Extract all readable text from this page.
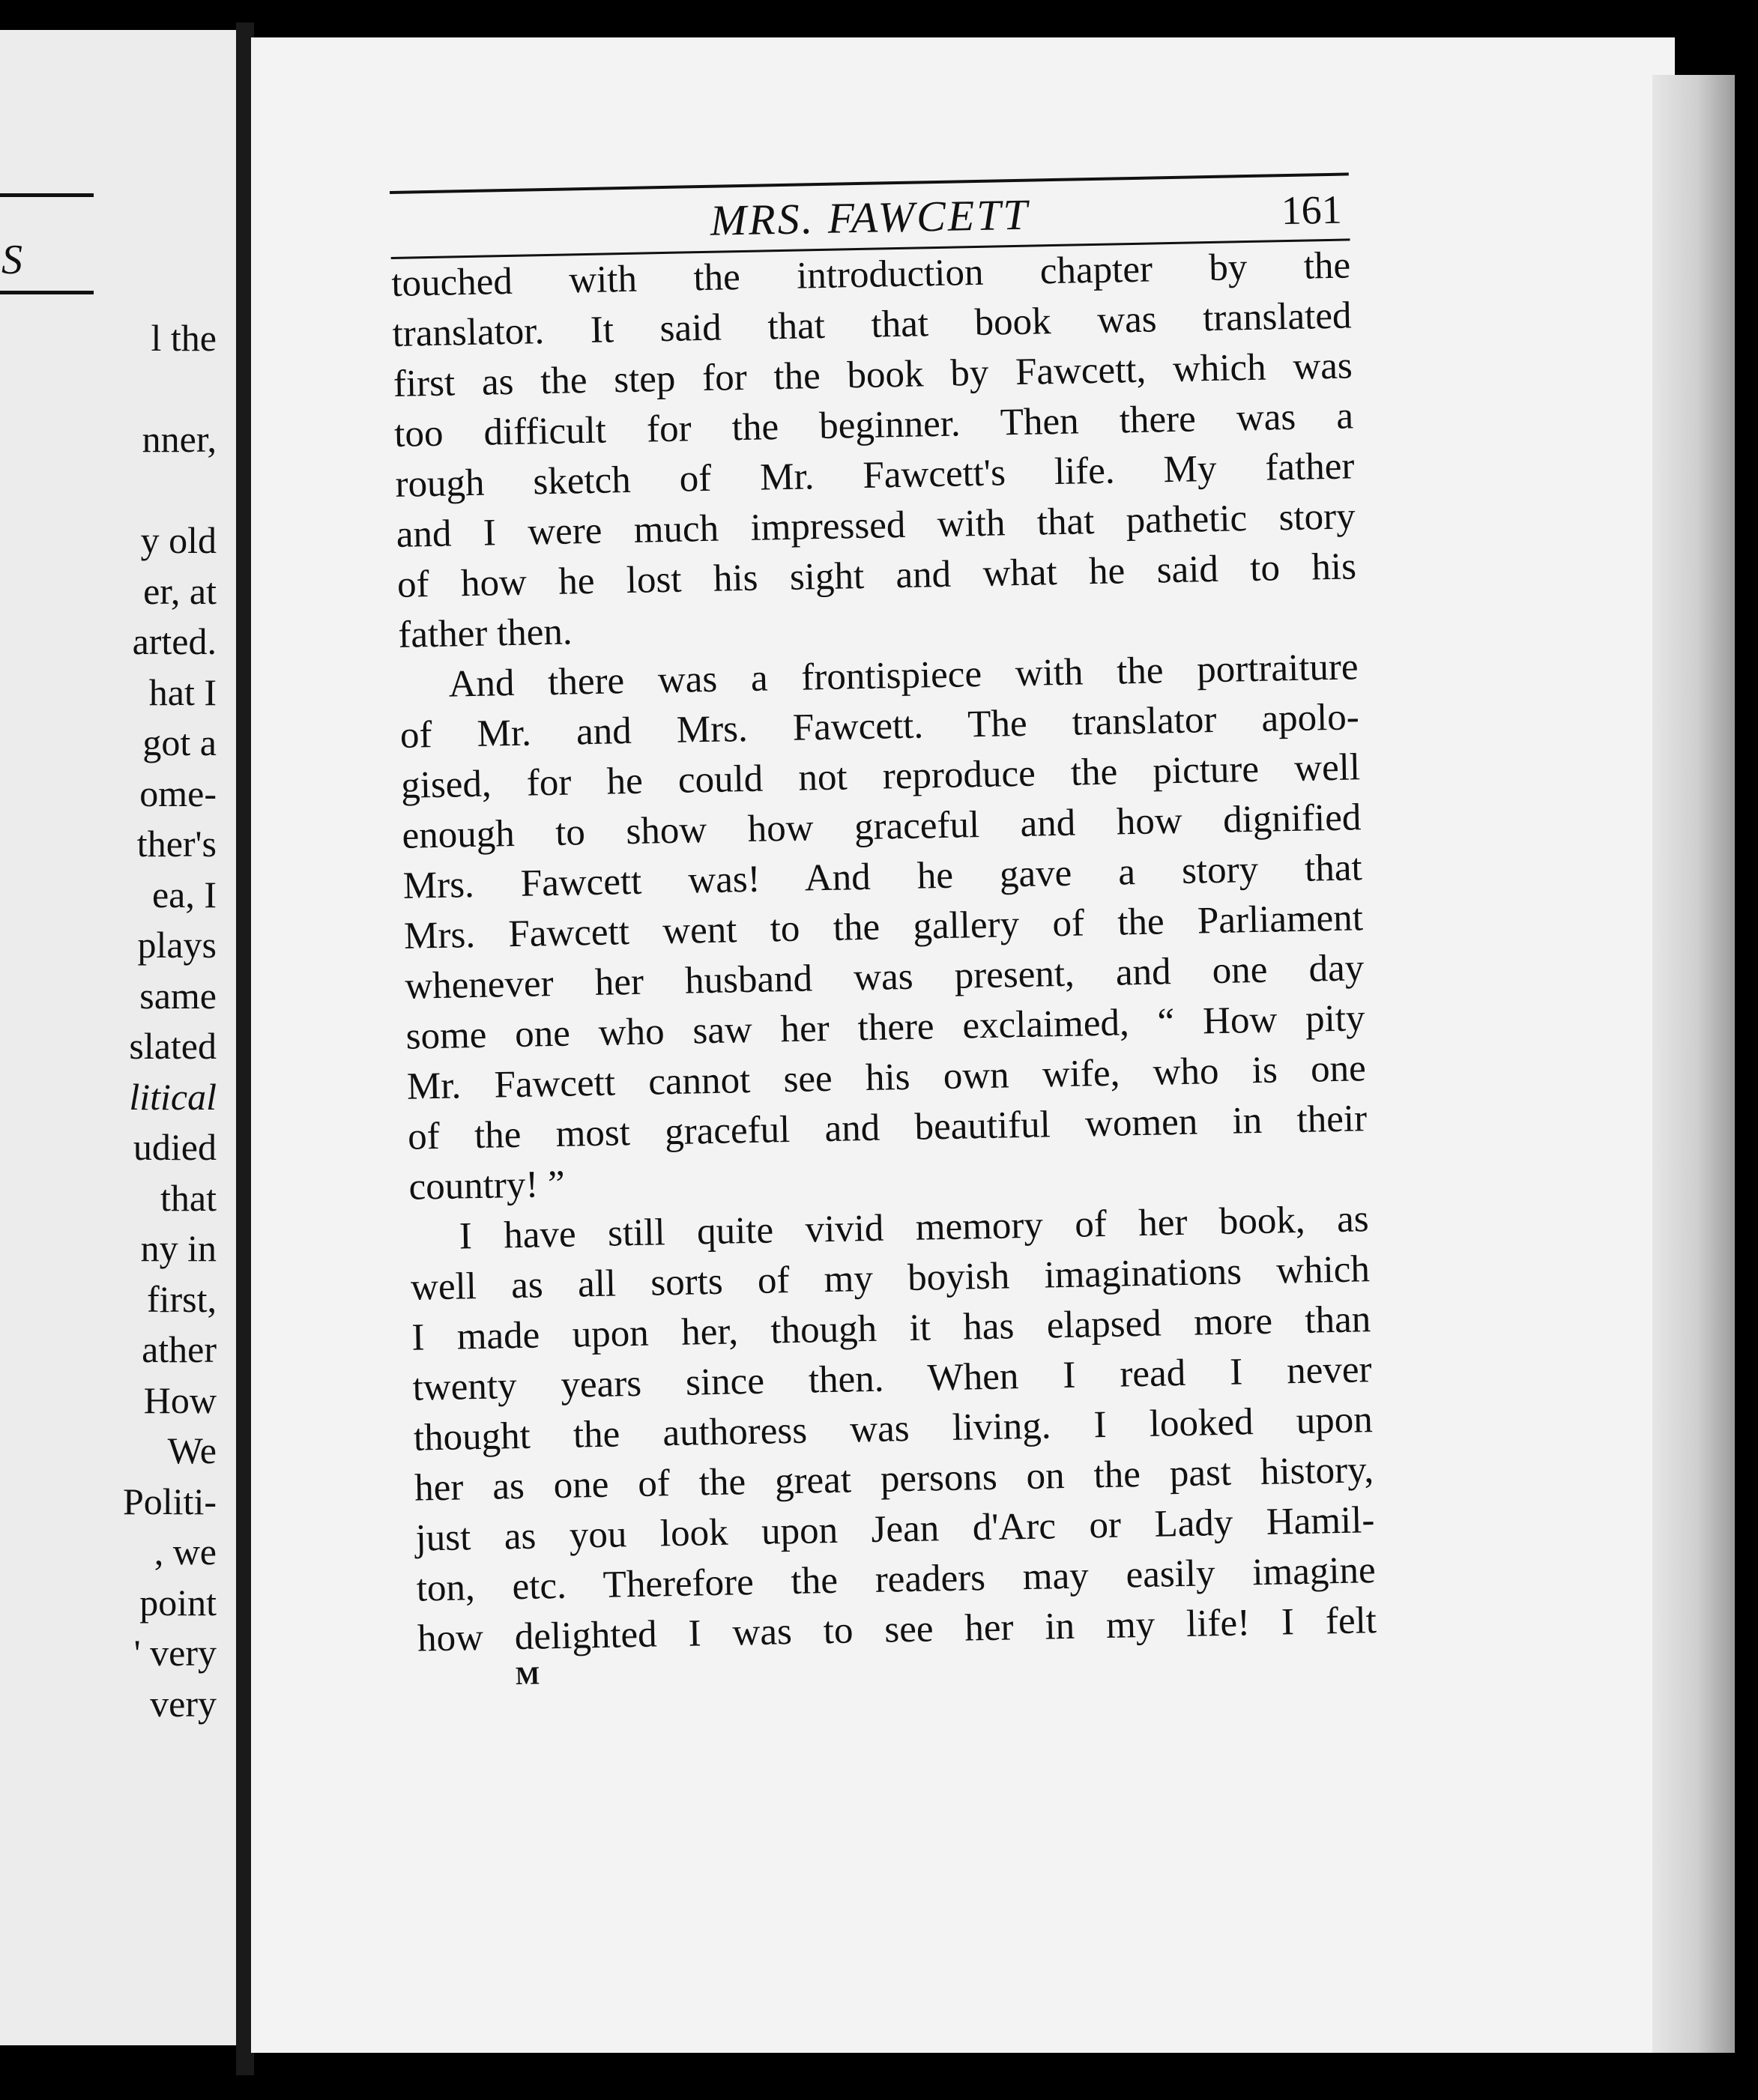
S
l the
nner,
y old
er, at
arted.
hat I
got a
ome-
ther's
ea, I
plays
same
slated
litical
udied
that
ny in
first,
ather
How
We
Politi-
, we
point
' very
very
MRS. FAWCETT	161
touched with the introduction chapter by the
translator. It said that that book was translated
first as the step for the book by Fawcett, which was
too difficult for the beginner. Then there was a
rough sketch of Mr. Fawcett's life. My father
and I were much impressed with that pathetic story
of how he lost his sight and what he said to his
father then.
And there was a frontispiece with the portraiture
of Mr. and Mrs. Fawcett. The translator apolo-
gised, for he could not reproduce the picture well
enough to show how graceful and how dignified
Mrs. Fawcett was! And he gave a story that
Mrs. Fawcett went to the gallery of the Parliament
whenever her husband was present, and one day
some one who saw her there exclaimed, “ How pity
Mr. Fawcett cannot see his own wife, who is one
of the most graceful and beautiful women in their
country! ”
I have still quite vivid memory of her book, as
well as all sorts of my boyish imaginations which
I made upon her, though it has elapsed more than
twenty years since then. When I read I never
thought the authoress was living. I looked upon
her as one of the great persons on the past history,
just as you look upon Jean d'Arc or Lady Hamil-
ton, etc. Therefore the readers may easily imagine
how delighted I was to see her in my life! I felt
M
